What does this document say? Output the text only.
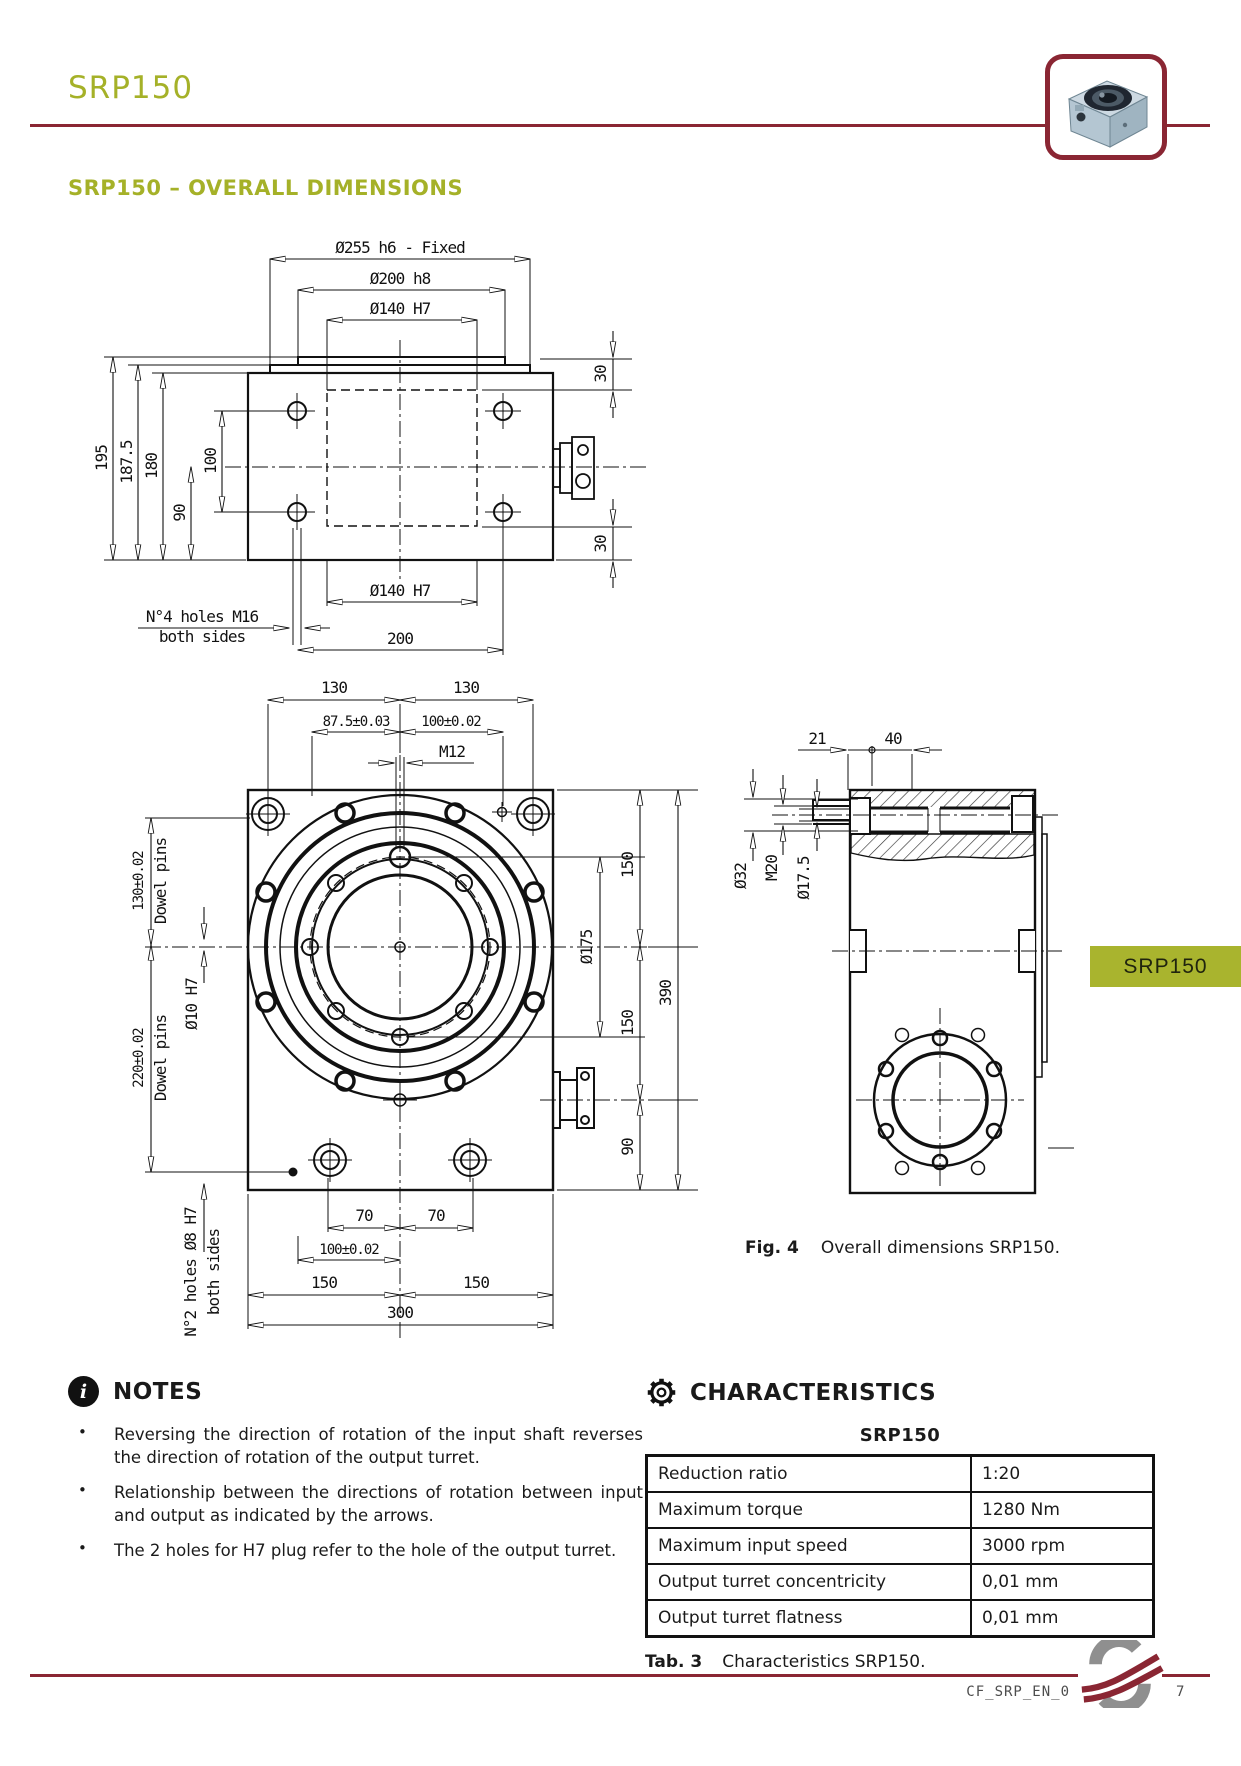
SRP150
SRP150 – OVERALL DIMENSIONS
Ø255 h6 - Fixed
Ø200 h8
Ø140 H7
195 187.5 180	100
90
30
30
Ø140 H7
N°4 holes M16
both sides	200
130	130
87.5±0.03 100±0.02
M12
130±0.02 Dowel pins
Ø10 H7
220±0.02 Dowel pins
N°2 holes Ø8 H7 both sides
Ø175
150
150
90
390
70	70
100±0.02
150	150
300
21	40
Ø32 M20 Ø17.5
SRP150
Fig. 4 Overall dimensions SRP150.
i	NOTES
•	Reversing the direction of rotation of the input shaft reverses the direction of rotation of the output turret.

•	Relationship between the directions of rotation between input and output as indicated by the arrows.

•	The 2 holes for H7 plug refer to the hole of the output turret.

CHARACTERISTICS
SRP150
Reduction ratio	1:20
Maximum torque	1280 Nm
Maximum input speed	3000 rpm
Output turret concentricity	0,01 mm
Output turret flatness	0,01 mm
Tab. 3 Characteristics SRP150.
CF_SRP_EN_0	7
